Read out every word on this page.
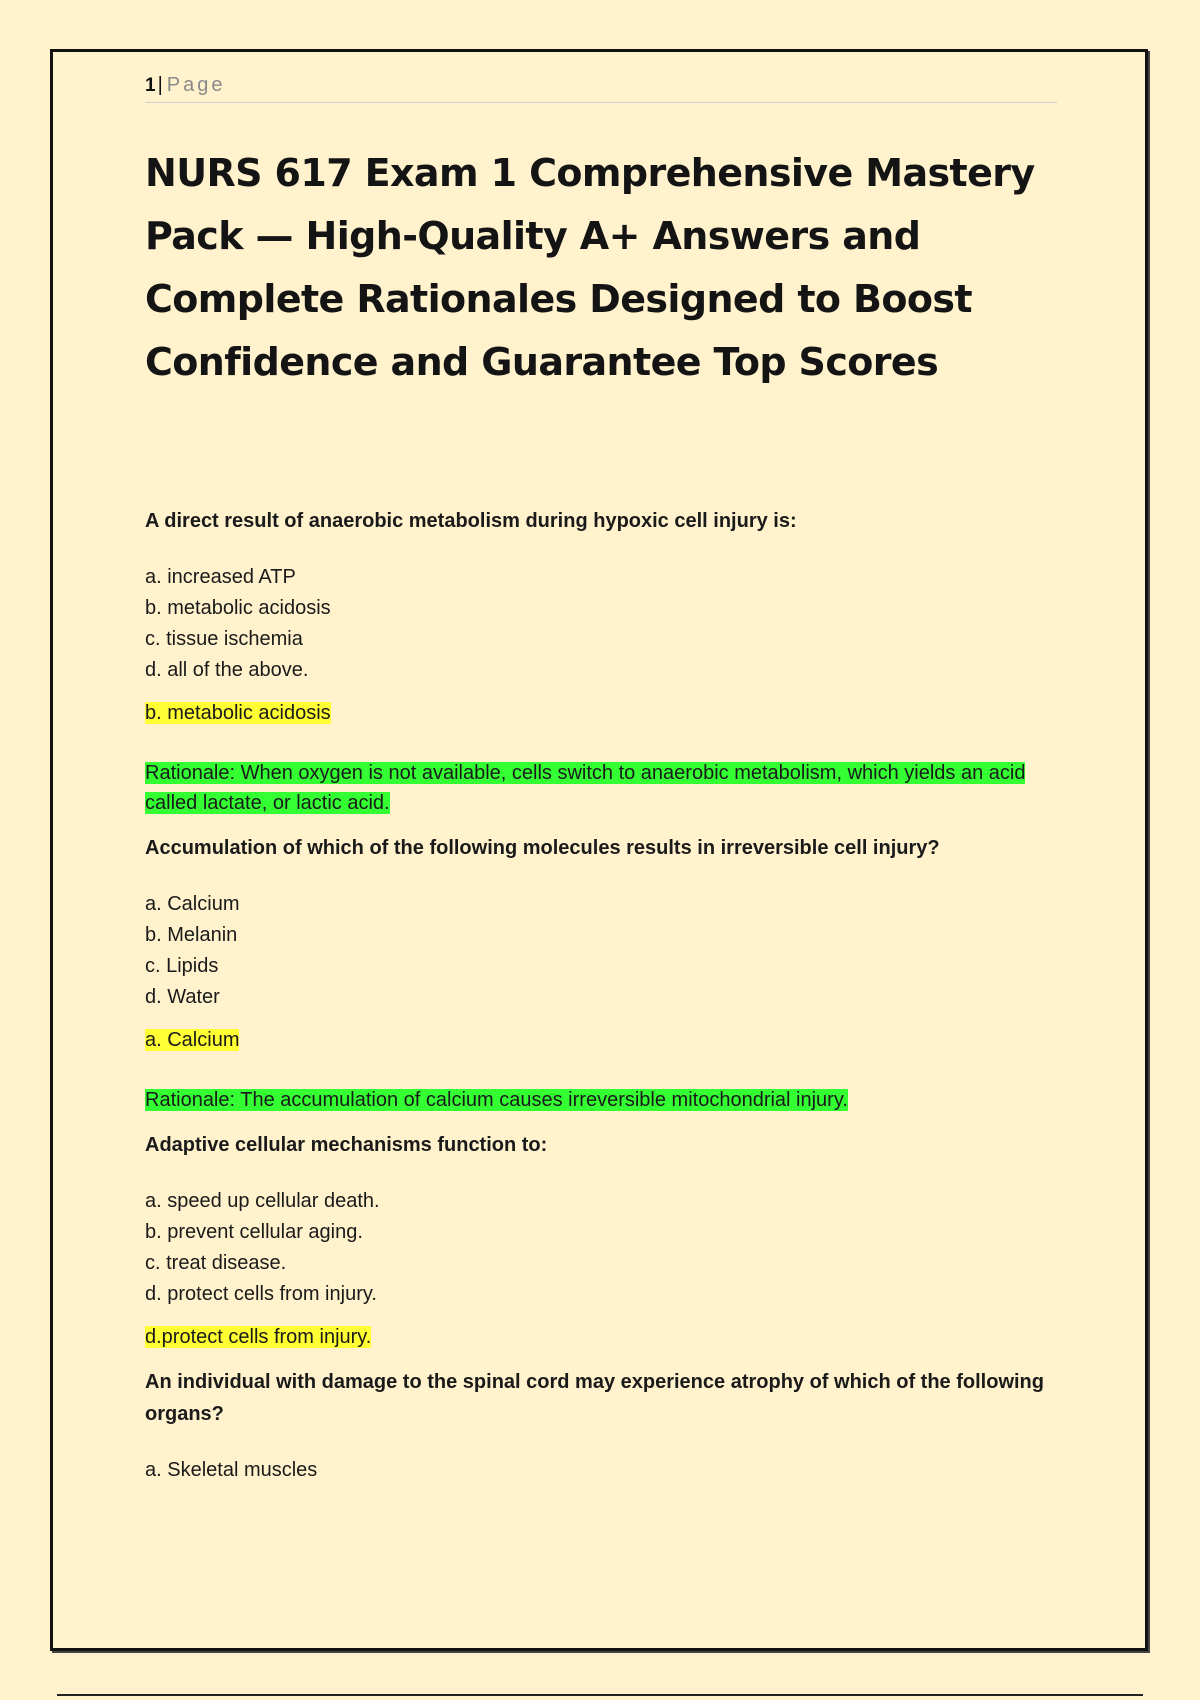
1 | Page
NURS 617 Exam 1 Comprehensive Mastery Pack — High-Quality A+ Answers and Complete Rationales Designed to Boost Confidence and Guarantee Top Scores

A direct result of anaerobic metabolism during hypoxic cell injury is:

a. increased ATP
b. metabolic acidosis
c. tissue ischemia
d. all of the above.

b. metabolic acidosis

Rationale: When oxygen is not available, cells switch to anaerobic metabolism, which yields an acid called lactate, or lactic acid.

Accumulation of which of the following molecules results in irreversible cell injury?

a. Calcium
b. Melanin
c. Lipids
d. Water

a. Calcium

Rationale: The accumulation of calcium causes irreversible mitochondrial injury.

Adaptive cellular mechanisms function to:

a. speed up cellular death.
b. prevent cellular aging.
c. treat disease.
d. protect cells from injury.

d.protect cells from injury.

An individual with damage to the spinal cord may experience atrophy of which of the following organs?

a. Skeletal muscles
